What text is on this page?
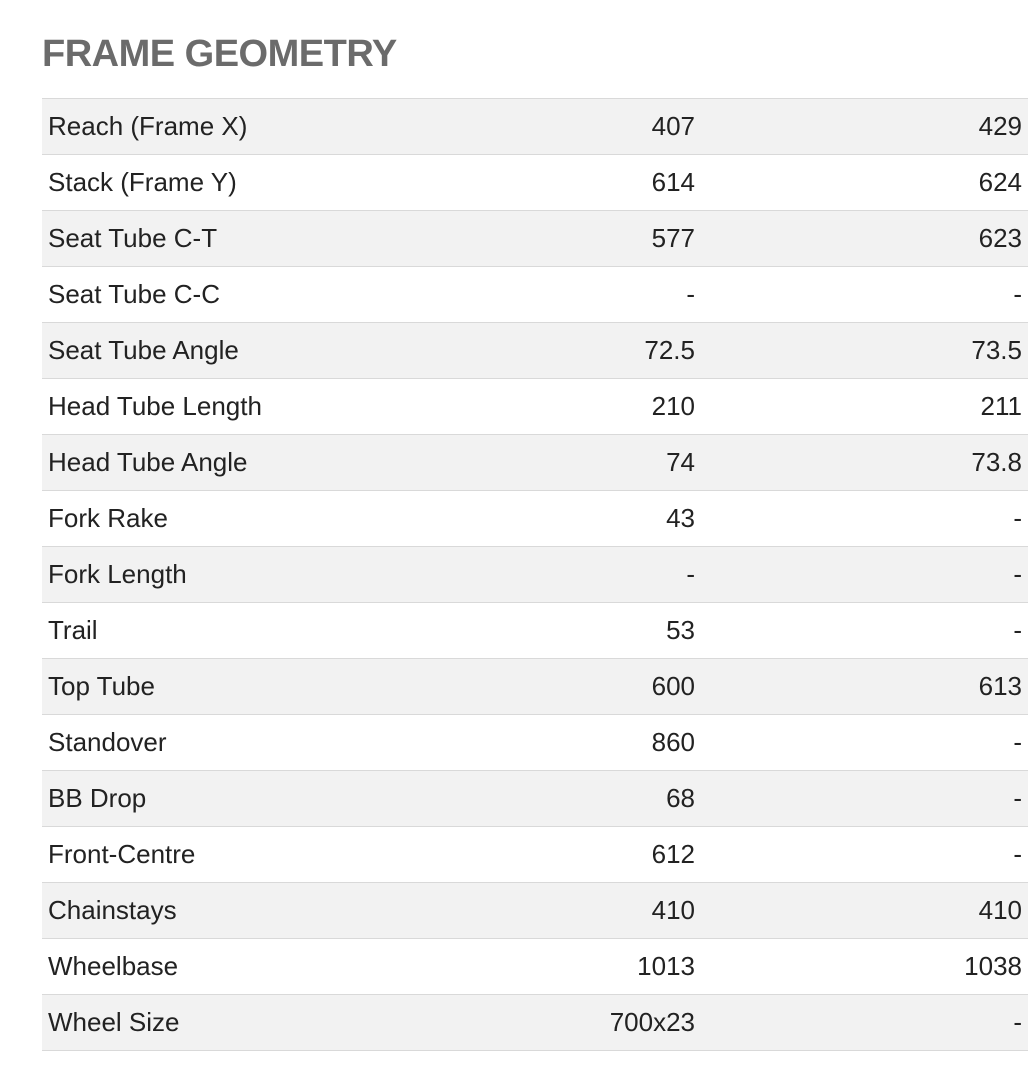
FRAME GEOMETRY
Reach (Frame X)	407	429
Stack (Frame Y)	614	624
Seat Tube C-T	577	623
Seat Tube C-C	-	-
Seat Tube Angle	72.5	73.5
Head Tube Length	210	211
Head Tube Angle	74	73.8
Fork Rake	43	-
Fork Length	-	-
Trail	53	-
Top Tube	600	613
Standover	860	-
BB Drop	68	-
Front-Centre	612	-
Chainstays	410	410
Wheelbase	1013	1038
Wheel Size	700x23	-
